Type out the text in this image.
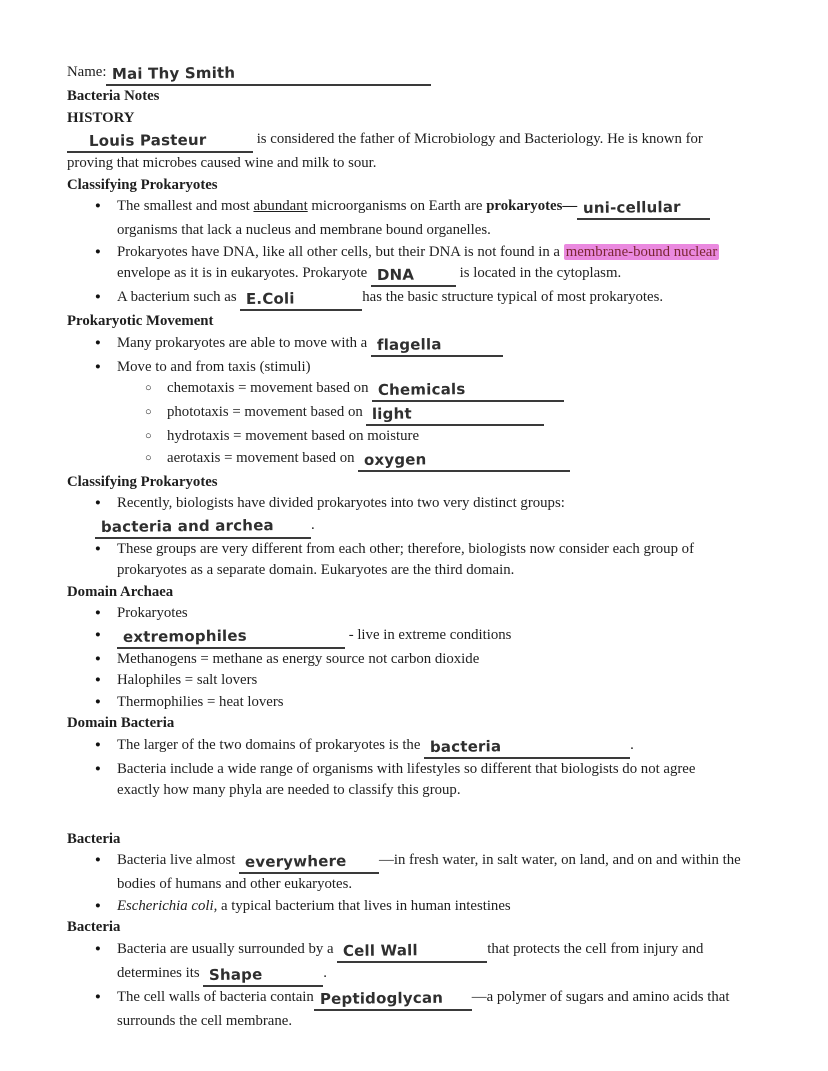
Name: Mai Thy Smith
Bacteria Notes
HISTORY
Louis Pasteur	is considered the father of Microbiology and Bacteriology. He is known for
proving that microbes caused wine and milk to sour.
Classifying Prokaryotes
● The smallest and most abundant microorganisms on Earth are prokaryotes— uni-cellular
organisms that lack a nucleus and membrane bound organelles.
● Prokaryotes have DNA, like all other cells, but their DNA is not found in a membrane-bound nuclear
envelope as it is in eukaryotes. Prokaryote DNA	is located in the cytoplasm.
● A bacterium such as E.Coli	has the basic structure typical of most prokaryotes.
Prokaryotic Movement
● Many prokaryotes are able to move with a flagella
● Move to and from taxis (stimuli)
○ chemotaxis = movement based on Chemicals
○ phototaxis = movement based on light
○ hydrotaxis = movement based on moisture
○ aerotaxis = movement based on oxygen
Classifying Prokaryotes
● Recently, biologists have divided prokaryotes into two very distinct groups:
bacteria and archea	.
● These groups are very different from each other; therefore, biologists now consider each group of
prokaryotes as a separate domain. Eukaryotes are the third domain.
Domain Archaea
● Prokaryotes
● extremophiles	- live in extreme conditions
● Methanogens = methane as energy source not carbon dioxide
● Halophiles = salt lovers
● Thermophilies = heat lovers
Domain Bacteria
● The larger of the two domains of prokaryotes is the bacteria	.
● Bacteria include a wide range of organisms with lifestyles so different that biologists do not agree
exactly how many phyla are needed to classify this group.
Bacteria
● Bacteria live almost everywhere —in fresh water, in salt water, on land, and on and within the
bodies of humans and other eukaryotes.
● Escherichia coli, a typical bacterium that lives in human intestines
Bacteria
● Bacteria are usually surrounded by a Cell Wall	that protects the cell from injury and
determines its Shape	.
● The cell walls of bacteria contain Peptidoglycan —a polymer of sugars and amino acids that
surrounds the cell membrane.
